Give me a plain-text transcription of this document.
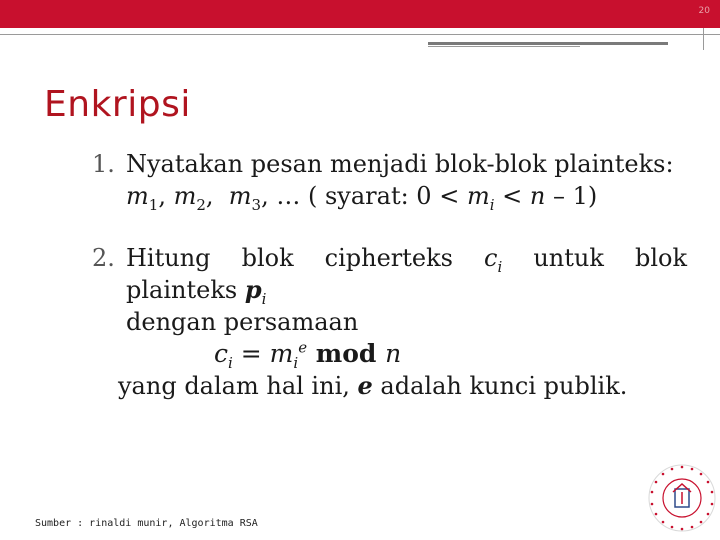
20
Enkripsi
1. Nyatakan pesan menjadi blok-blok plainteks:
$m_1$, $m_2$,  $m_3$, … ( syarat: $0 < m_i < n - 1$)
2. Hitung blok cipherteks $c_i$ untuk blok
plainteks $p_i$
dengan persamaan
$c_i = m_i^e$ mod n
yang dalam hal ini, e adalah kunci publik.
Sumber : rinaldi munir, Algoritma RSA
